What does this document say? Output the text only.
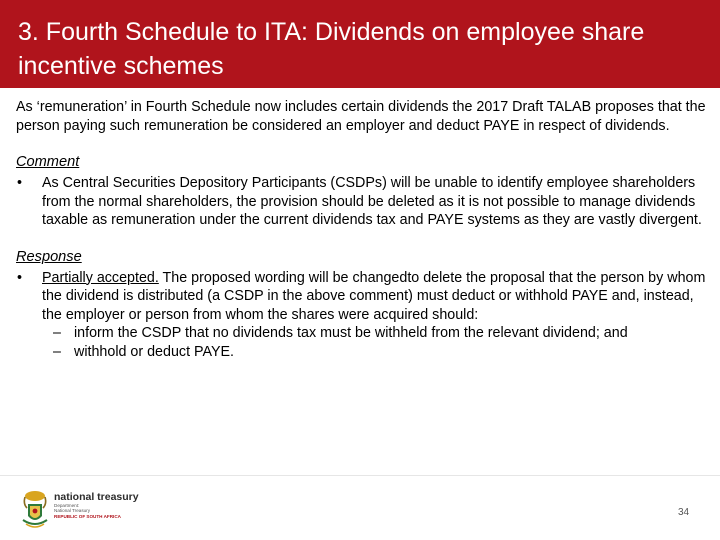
3. Fourth Schedule to ITA: Dividends on employee share incentive schemes

As ‘remuneration’ in Fourth Schedule now includes certain dividends the 2017 Draft TALAB proposes that the person paying such remuneration be considered an employer and deduct PAYE in respect of dividends.

Comment
• As Central Securities Depository Participants (CSDPs) will be unable to identify employee shareholders from the normal shareholders, the provision should be deleted as it is not possible to manage dividends taxable as remuneration under the current dividends tax and PAYE systems as they are vastly divergent.
Response
• Partially accepted. The proposed wording will be changedto delete the proposal that the person by whom the dividend is distributed (a CSDP in the above comment) must deduct or withhold PAYE and, instead, the employer or person from whom the shares were acquired should:
– inform the CSDP that no dividends tax must be withheld from the relevant dividend; and
– withhold or deduct PAYE.
national treasury
Department:
National Treasury
REPUBLIC OF SOUTH AFRICA	34
